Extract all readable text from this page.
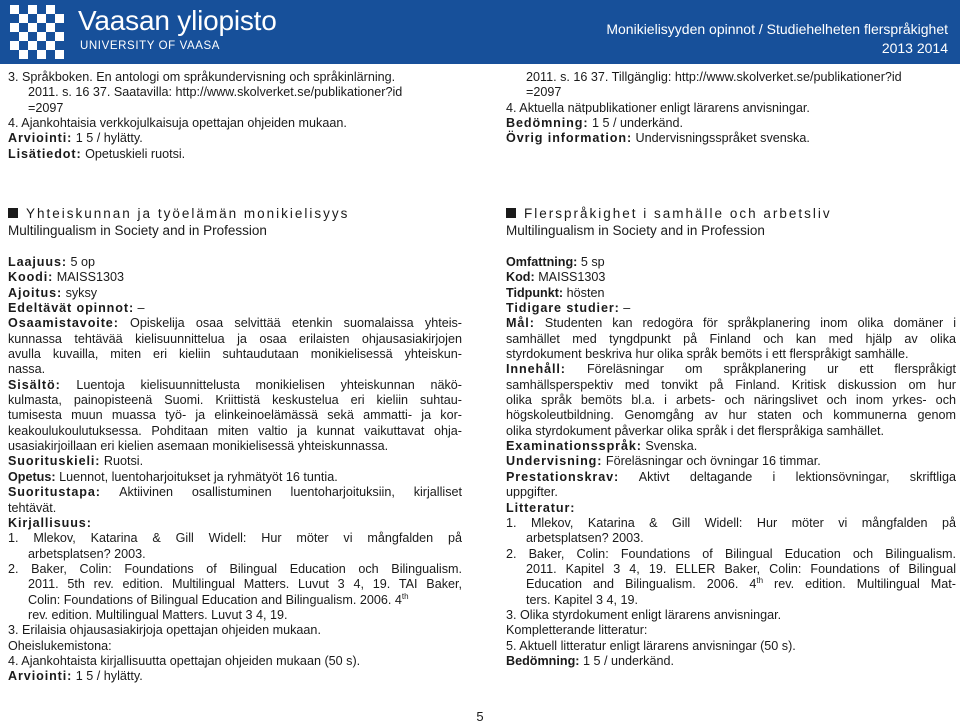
Vaasan yliopisto
UNIVERSITY OF VAASA
Monikielisyyden opinnot / Studiehelheten flerspråkighet
2013 2014
3. Språkboken. En antologi om språkundervisning och språkinlärning.
2011. s. 16 37. Saatavilla: http://www.skolverket.se/publikationer?id
=2097
4. Ajankohtaisia verkkojulkaisuja opettajan ohjeiden mukaan.
Arviointi: 1 5 / hylätty.
Lisätiedot: Opetuskieli ruotsi.
2011. s. 16 37. Tillgänglig: http://www.skolverket.se/publikationer?id
=2097
4. Aktuella nätpublikationer enligt lärarens anvisningar.
Bedömning: 1 5 / underkänd.
Övrig information: Undervisningsspråket svenska.
Yhteiskunnan ja työelämän monikielisyys
Multilingualism in Society and in Profession
Laajuus: 5 op
Koodi: MAISS1303
Ajoitus: syksy
Edeltävät opinnot: –
Osaamistavoite: Opiskelija osaa selvittää etenkin suomalaissa yhteis-
kunnassa tehtävää kielisuunnittelua ja osaa erilaisten ohjausasiakirjojen
avulla kuvailla, miten eri kieliin suhtaudutaan monikielisessä yhteiskun-
nassa.
Sisältö: Luentoja kielisuunnittelusta monikielisen yhteiskunnan näkö-
kulmasta, painopisteenä Suomi. Kriittistä keskustelua eri kieliin suhtau-
tumisesta muun muassa työ- ja elinkeinoelämässä sekä ammatti- ja kor-
keakoulukoulutuksessa. Pohditaan miten valtio ja kunnat vaikuttavat ohja-
usasiakirjoillaan eri kielien asemaan monikielisessä yhteiskunnassa.
Suorituskieli: Ruotsi.
Opetus: Luennot, luentoharjoitukset ja ryhmätyöt 16 tuntia.
Suoritustapa: Aktiivinen osallistuminen luentoharjoituksiin, kirjalliset
tehtävät.
Kirjallisuus:
1. Mlekov, Katarina & Gill Widell: Hur möter vi mångfalden på
arbetsplatsen? 2003.
2. Baker, Colin: Foundations of Bilingual Education och Bilingualism.
2011. 5th rev. edition. Multilingual Matters. Luvut 3 4, 19. TAI Baker,
Colin: Foundations of Bilingual Education and Bilingualism. 2006. 4th
rev. edition. Multilingual Matters. Luvut 3 4, 19.
3. Erilaisia ohjausasiakirjoja opettajan ohjeiden mukaan.
Oheislukemistona:
4. Ajankohtaista kirjallisuutta opettajan ohjeiden mukaan (50 s).
Arviointi: 1 5 / hylätty.
Flerspråkighet i samhälle och arbetsliv
Multilingualism in Society and in Profession
Omfattning: 5 sp
Kod: MAISS1303
Tidpunkt: hösten
Tidigare studier: –
Mål: Studenten kan redogöra för språkplanering inom olika domäner i
samhället med tyngdpunkt på Finland och kan med hjälp av olika
styrdokument beskriva hur olika språk bemöts i ett flerspråkigt samhälle.
Innehåll: Föreläsningar om språkplanering ur ett flerspråkigt
samhällsperspektiv med tonvikt på Finland. Kritisk diskussion om hur
olika språk bemöts bl.a. i arbets- och näringslivet och inom yrkes- och
högskoleutbildning. Genomgång av hur staten och kommunerna genom
olika styrdokument påverkar olika språk i det flerspråkiga samhället.
Examinationsspråk: Svenska.
Undervisning: Föreläsningar och övningar 16 timmar.
Prestationskrav: Aktivt deltagande i lektionsövningar, skriftliga
uppgifter.
Litteratur:
1. Mlekov, Katarina & Gill Widell: Hur möter vi mångfalden på
arbetsplatsen? 2003.
2. Baker, Colin: Foundations of Bilingual Education och Bilingualism.
2011. Kapitel 3 4, 19. ELLER Baker, Colin: Foundations of Bilingual
Education and Bilingualism. 2006. 4th rev. edition. Multilingual Mat-
ters. Kapitel 3 4, 19.
3. Olika styrdokument enligt lärarens anvisningar.
Kompletterande litteratur:
5. Aktuell litteratur enligt lärarens anvisningar (50 s).
Bedömning: 1 5 / underkänd.
5
